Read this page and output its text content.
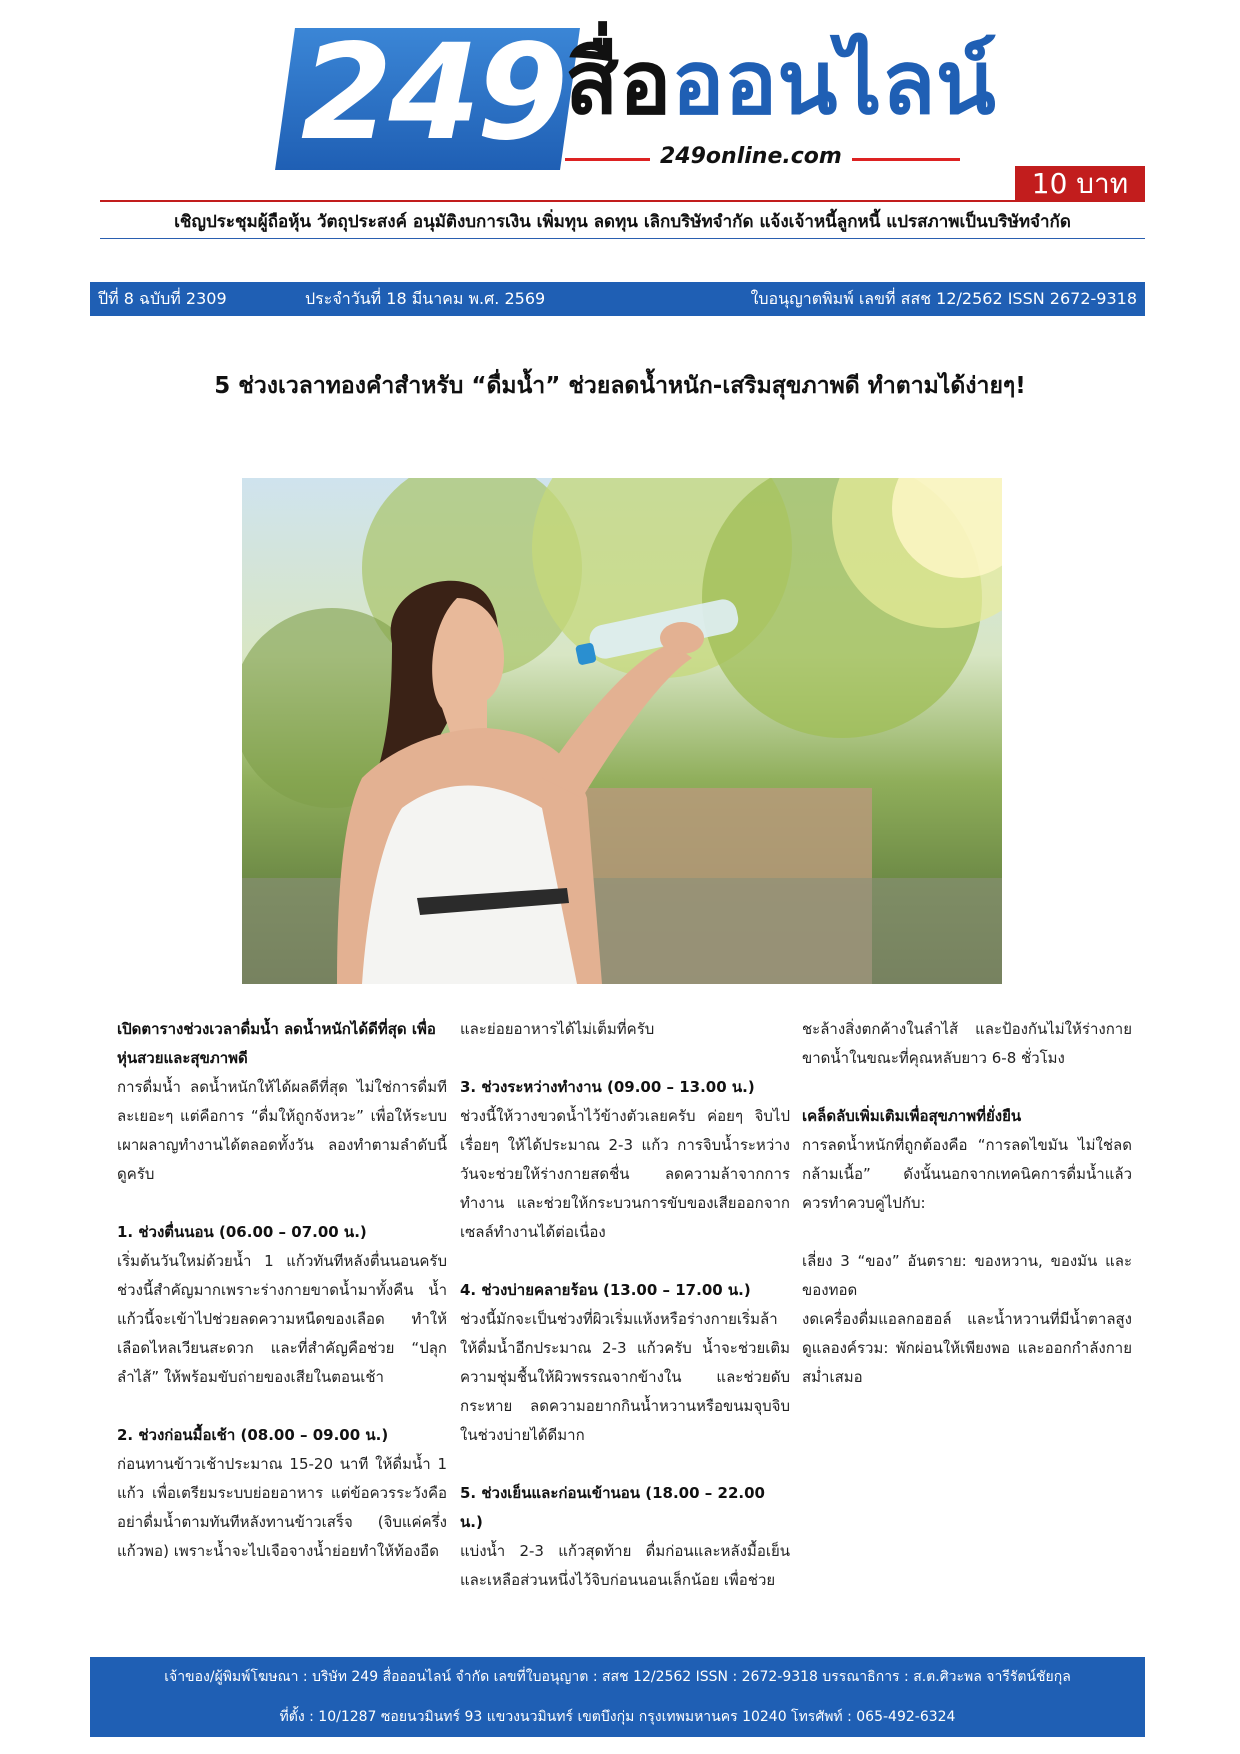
249 สื่อออนไลน์
249online.com
10 บาท
เชิญประชุมผู้ถือหุ้น วัตถุประสงค์ อนุมัติงบการเงิน เพิ่มทุน ลดทุน เลิกบริษัทจำกัด แจ้งเจ้าหนี้ลูกหนี้ แปรสภาพเป็นบริษัทจำกัด
ปีที่ 8 ฉบับที่ 2309	ประจำวันที่ 18 มีนาคม พ.ศ. 2569	ใบอนุญาตพิมพ์ เลขที่ สสช 12/2562 ISSN 2672-9318
5 ช่วงเวลาทองคำสำหรับ “ดื่มน้ำ” ช่วยลดน้ำหนัก-เสริมสุขภาพดี ทำตามได้ง่ายๆ!
เปิดตารางช่วงเวลาดื่มน้ำ ลดน้ำหนักได้ดีที่สุด เพื่อหุ่นสวยและสุขภาพดี

การดื่มน้ำ ลดน้ำหนักให้ได้ผลดีที่สุด ไม่ใช่การดื่มทีละเยอะๆ แต่คือการ “ดื่มให้ถูกจังหวะ” เพื่อให้ระบบเผาผลาญทำงานได้ตลอดทั้งวัน ลองทำตามลำดับนี้ดูครับ

1. ช่วงตื่นนอน (06.00 – 07.00 น.)

เริ่มต้นวันใหม่ด้วยน้ำ 1 แก้วทันทีหลังตื่นนอนครับ ช่วงนี้สำคัญมากเพราะร่างกายขาดน้ำมาทั้งคืน น้ำแก้วนี้จะเข้าไปช่วยลดความหนืดของเลือด ทำให้เลือดไหลเวียนสะดวก และที่สำคัญคือช่วย “ปลุกลำไส้” ให้พร้อมขับถ่ายของเสียในตอนเช้า

2. ช่วงก่อนมื้อเช้า (08.00 – 09.00 น.)

ก่อนทานข้าวเช้าประมาณ 15-20 นาที ให้ดื่มน้ำ 1 แก้ว เพื่อเตรียมระบบย่อยอาหาร แต่ข้อควรระวังคืออย่าดื่มน้ำตามทันทีหลังทานข้าวเสร็จ (จิบแค่ครึ่งแก้วพอ) เพราะน้ำจะไปเจือจางน้ำย่อยทำให้ท้องอืด

และย่อยอาหารได้ไม่เต็มที่ครับ

3. ช่วงระหว่างทำงาน (09.00 – 13.00 น.)

ช่วงนี้ให้วางขวดน้ำไว้ข้างตัวเลยครับ ค่อยๆ จิบไปเรื่อยๆ ให้ได้ประมาณ 2-3 แก้ว การจิบน้ำระหว่างวันจะช่วยให้ร่างกายสดชื่น ลดความล้าจากการทำงาน และช่วยให้กระบวนการขับของเสียออกจากเซลล์ทำงานได้ต่อเนื่อง

4. ช่วงบ่ายคลายร้อน (13.00 – 17.00 น.)

ช่วงนี้มักจะเป็นช่วงที่ผิวเริ่มแห้งหรือร่างกายเริ่มล้า ให้ดื่มน้ำอีกประมาณ 2-3 แก้วครับ น้ำจะช่วยเติมความชุ่มชื้นให้ผิวพรรณจากข้างใน และช่วยดับกระหาย ลดความอยากกินน้ำหวานหรือขนมจุบจิบในช่วงบ่ายได้ดีมาก

5. ช่วงเย็นและก่อนเข้านอน (18.00 – 22.00 น.)

แบ่งน้ำ 2-3 แก้วสุดท้าย ดื่มก่อนและหลังมื้อเย็น และเหลือส่วนหนึ่งไว้จิบก่อนนอนเล็กน้อย เพื่อช่วย

ชะล้างสิ่งตกค้างในลำไส้ และป้องกันไม่ให้ร่างกายขาดน้ำในขณะที่คุณหลับยาว 6-8 ชั่วโมง

เคล็ดลับเพิ่มเติมเพื่อสุขภาพที่ยั่งยืน

การลดน้ำหนักที่ถูกต้องคือ “การลดไขมัน ไม่ใช่ลดกล้ามเนื้อ” ดังนั้นนอกจากเทคนิคการดื่มน้ำแล้ว ควรทำควบคู่ไปกับ:

เลี่ยง 3 “ของ” อันตราย: ของหวาน, ของมัน และของทอด

งดเครื่องดื่มแอลกอฮอล์ และน้ำหวานที่มีน้ำตาลสูง ดูแลองค์รวม: พักผ่อนให้เพียงพอ และออกกำลังกายสม่ำเสมอ

เจ้าของ/ผู้พิมพ์โฆษณา : บริษัท 249 สื่อออนไลน์ จำกัด เลขที่ใบอนุญาต : สสช 12/2562 ISSN : 2672-9318 บรรณาธิการ : ส.ต.ศิวะพล จารีรัตน์ชัยกุล
ที่ตั้ง : 10/1287 ซอยนวมินทร์ 93 แขวงนวมินทร์ เขตบึงกุ่ม กรุงเทพมหานคร 10240 โทรศัพท์ : 065-492-6324
